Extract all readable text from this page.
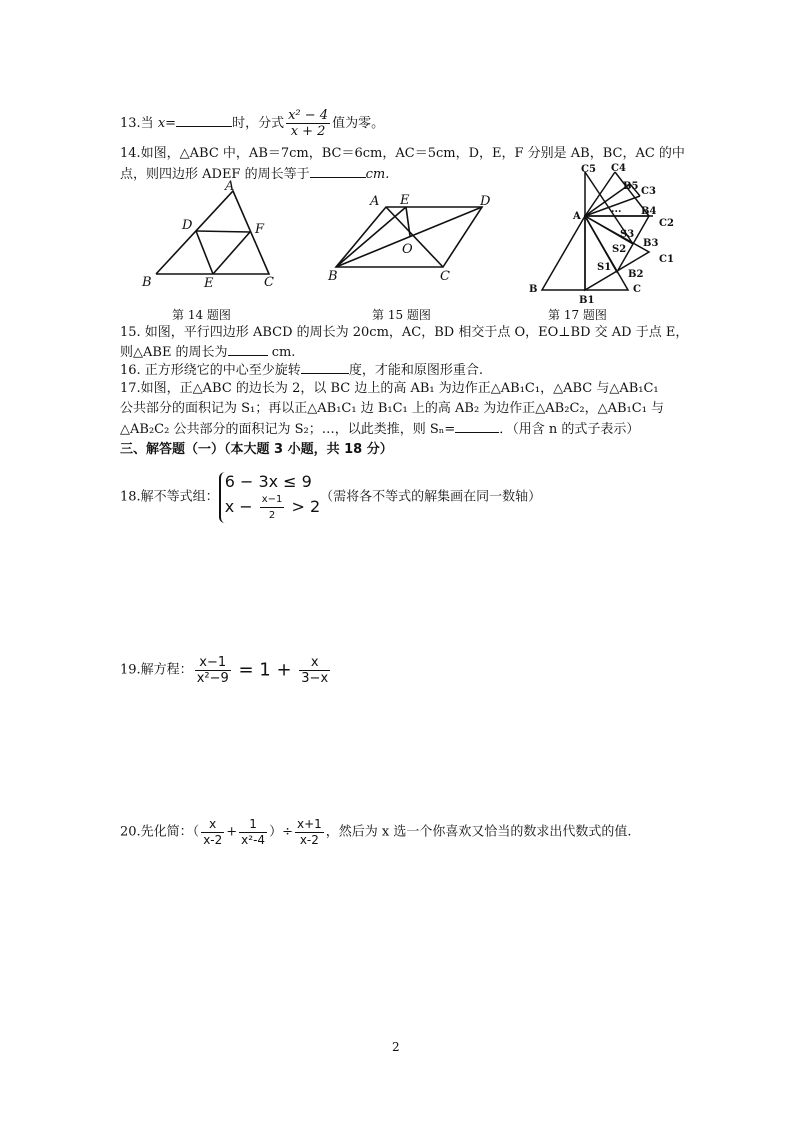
13.当 x=	时，分式 $\frac{\text{x² − 4}}{x + 2}$ 值为零。
14.如图，△ABC 中，AB＝7cm，BC＝6cm，AC＝5cm，D，E，F 分别是 AB，BC，AC 的中
点，则四边形 ADEF 的周长等于	cm.
A
D	F
B	E	C
第 14 题图
A E	D
O
B	C
第 15 题图
C5 C4
B5 C3
A
... B4
C2
S3
B3
S2
C1
S1
B2
B	C
B1
第 17 题图
15. 如图，平行四边形 ABCD 的周长为 20cm，AC，BD 相交于点 O，EO⊥BD 交 AD 于点 E，
则△ABE 的周长为	cm.
16. 正方形绕它的中心至少旋转	度，才能和原图形重合.
17.如图，正△ABC 的边长为 2，以 BC 边上的高 AB₁ 为边作正△AB₁C₁，△ABC 与△AB₁C₁
公共部分的面积记为 S₁；再以正△AB₁C₁ 边 B₁C₁ 上的高 AB₂ 为边作正△AB₂C₂，△AB₁C₁ 与
△AB₂C₂ 公共部分的面积记为 S₂；…，以此类推，则 Sₙ=	．（用含 n 的式子表示）
三、解答题（一）（本大题 3 小题，共 18 分）
18.解不等式组：
6 − 3x ≤ 9
$x - \frac{x-1}{2} > 2$ （需将各不等式的解集画在同一数轴）
19.解方程： $\frac{x-1}{\text{x²−9}} = 1 + \frac{x}{3-x}$
20.先化简：（ $\frac{x}{x-2} + \frac{1}{\text{x²-4}}$ ）÷ $\frac{x+1}{x-2}$ ，然后为 x 选一个你喜欢又恰当的数求出代数式的值.
2
